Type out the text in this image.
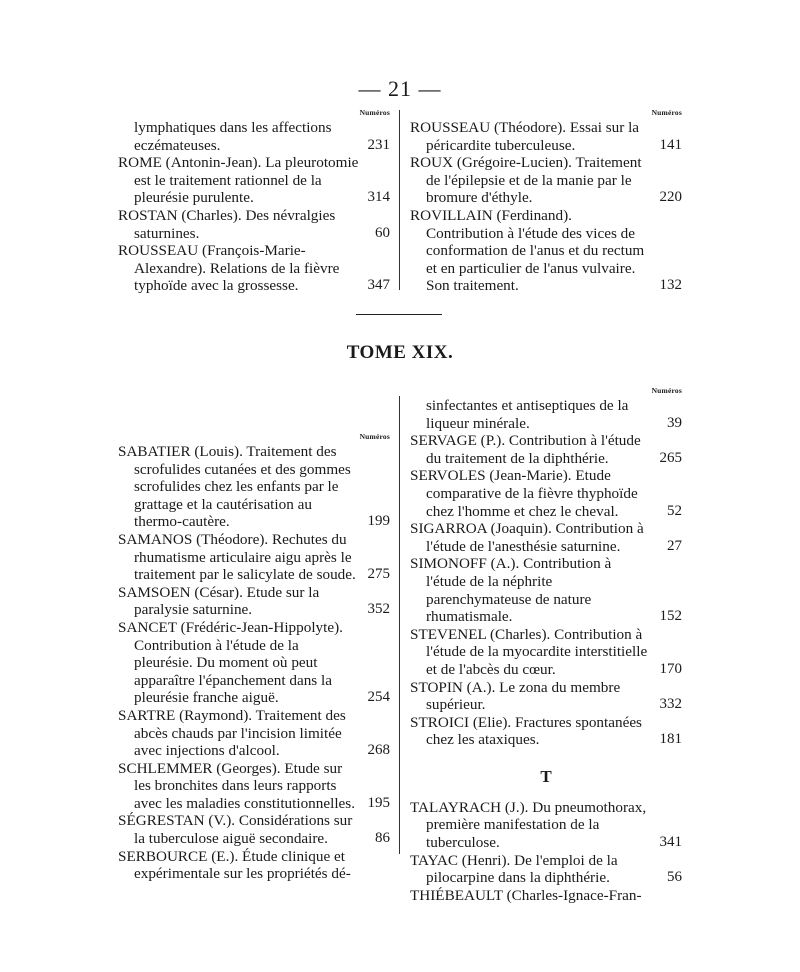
— 21 —
Numéros
lymphatiques dans les affections eczémateuses.	231
ROME (Antonin-Jean). La pleurotomie est le traitement rationnel de la pleurésie purulente.	314
ROSTAN (Charles). Des névralgies saturnines.	60
ROUSSEAU (François-Marie-Alexandre). Relations de la fièvre typhoïde avec la grossesse.	347
Numéros
ROUSSEAU (Théodore). Essai sur la péricardite tuberculeuse.	141
ROUX (Grégoire-Lucien). Traitement de l'épilepsie et de la manie par le bromure d'éthyle.	220
ROVILLAIN (Ferdinand). Contribution à l'étude des vices de conformation de l'anus et du rectum et en particulier de l'anus vulvaire. Son traitement.	132
TOME XIX.
Numéros
SABATIER (Louis). Traitement des scrofulides cutanées et des gommes scrofulides chez les enfants par le grattage et la cautérisation au thermo-cautère.	199
SAMANOS (Théodore). Rechutes du rhumatisme articulaire aigu après le traitement par le salicylate de soude. 275
SAMSOEN (César). Etude sur la paralysie saturnine.	352
SANCET (Frédéric-Jean-Hippolyte). Contribution à l'étude de la pleurésie. Du moment où peut apparaître l'épanchement dans la pleurésie franche aiguë.	254
SARTRE (Raymond). Traitement des abcès chauds par l'incision limitée avec injections d'alcool.	268
SCHLEMMER (Georges). Etude sur les bronchites dans leurs rapports avec les maladies constitutionnelles. 195
SÉGRESTAN (V.). Considérations sur la tuberculose aiguë secondaire.	86
SERBOURCE (E.). Étude clinique et expérimentale sur les propriétés dé-
Numéros
sinfectantes et antiseptiques de la liqueur minérale.	39
SERVAGE (P.). Contribution à l'étude du traitement de la diphthérie.	265
SERVOLES (Jean-Marie). Etude comparative de la fièvre thyphoïde chez l'homme et chez le cheval.	52
SIGARROA (Joaquin). Contribution à l'étude de l'anesthésie saturnine.	27
SIMONOFF (A.). Contribution à l'étude de la néphrite parenchymateuse de nature rhumatismale.	152
STEVENEL (Charles). Contribution à l'étude de la myocardite interstitielle et de l'abcès du cœur.	170
STOPIN (A.). Le zona du membre supérieur.	332
STROICI (Elie). Fractures spontanées chez les ataxiques.	181
T
TALAYRACH (J.). Du pneumothorax, première manifestation de la tuberculose.	341
TAYAC (Henri). De l'emploi de la pilocarpine dans la diphthérie.	56
THIÉBEAULT (Charles-Ignace-Fran-
